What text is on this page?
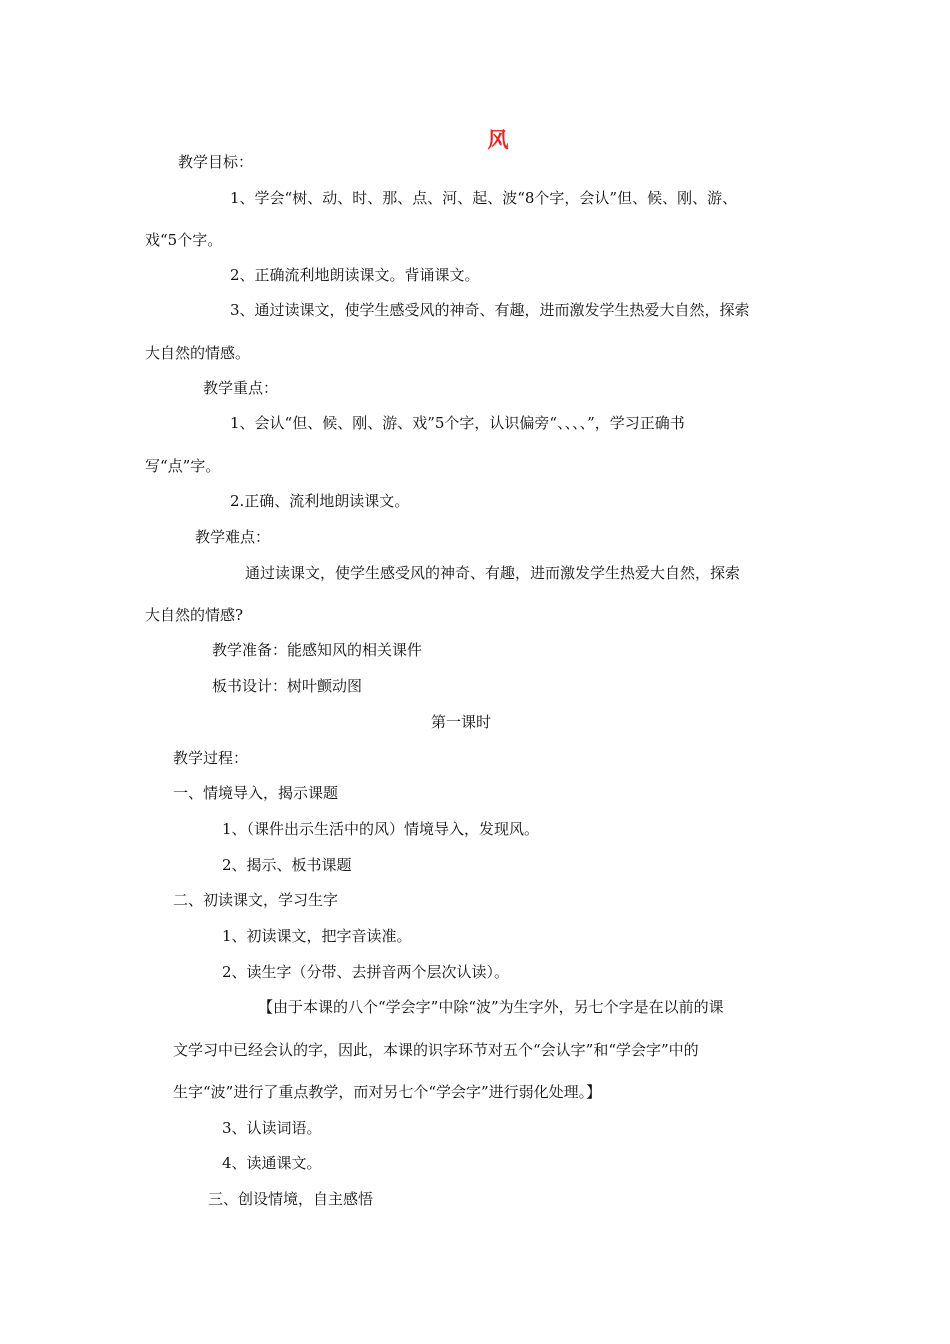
风

教学目标：

1、学会“树、动、时、那、点、河、起、波“8个字，会认”但、候、刚、游、

戏“5个字。

2、正确流利地朗读课文。背诵课文。

3、通过读课文，使学生感受风的神奇、有趣，进而激发学生热爱大自然，探索

大自然的情感。

教学重点：

1、会认“但、候、刚、游、戏”5个字，认识偏旁“、、、、”，学习正确书

写“点”字。

2.正确、流利地朗读课文。

教学难点：

通过读课文，使学生感受风的神奇、有趣，进而激发学生热爱大自然，探索

大自然的情感?

教学准备：能感知风的相关课件

板书设计：树叶颤动图

第一课时

教学过程：

一、情境导入，揭示课题

1、（课件出示生活中的风）情境导入，发现风。

2、揭示、板书课题

二、初读课文，学习生字

1、初读课文，把字音读准。

2、读生字（分带、去拼音两个层次认读）。

【由于本课的八个“学会字”中除“波”为生字外，另七个字是在以前的课

文学习中已经会认的字，因此，本课的识字环节对五个“会认字”和“学会字”中的

生字“波”进行了重点教学，而对另七个“学会字”进行弱化处理。】

3、认读词语。

4、读通课文。

三、创设情境，自主感悟
